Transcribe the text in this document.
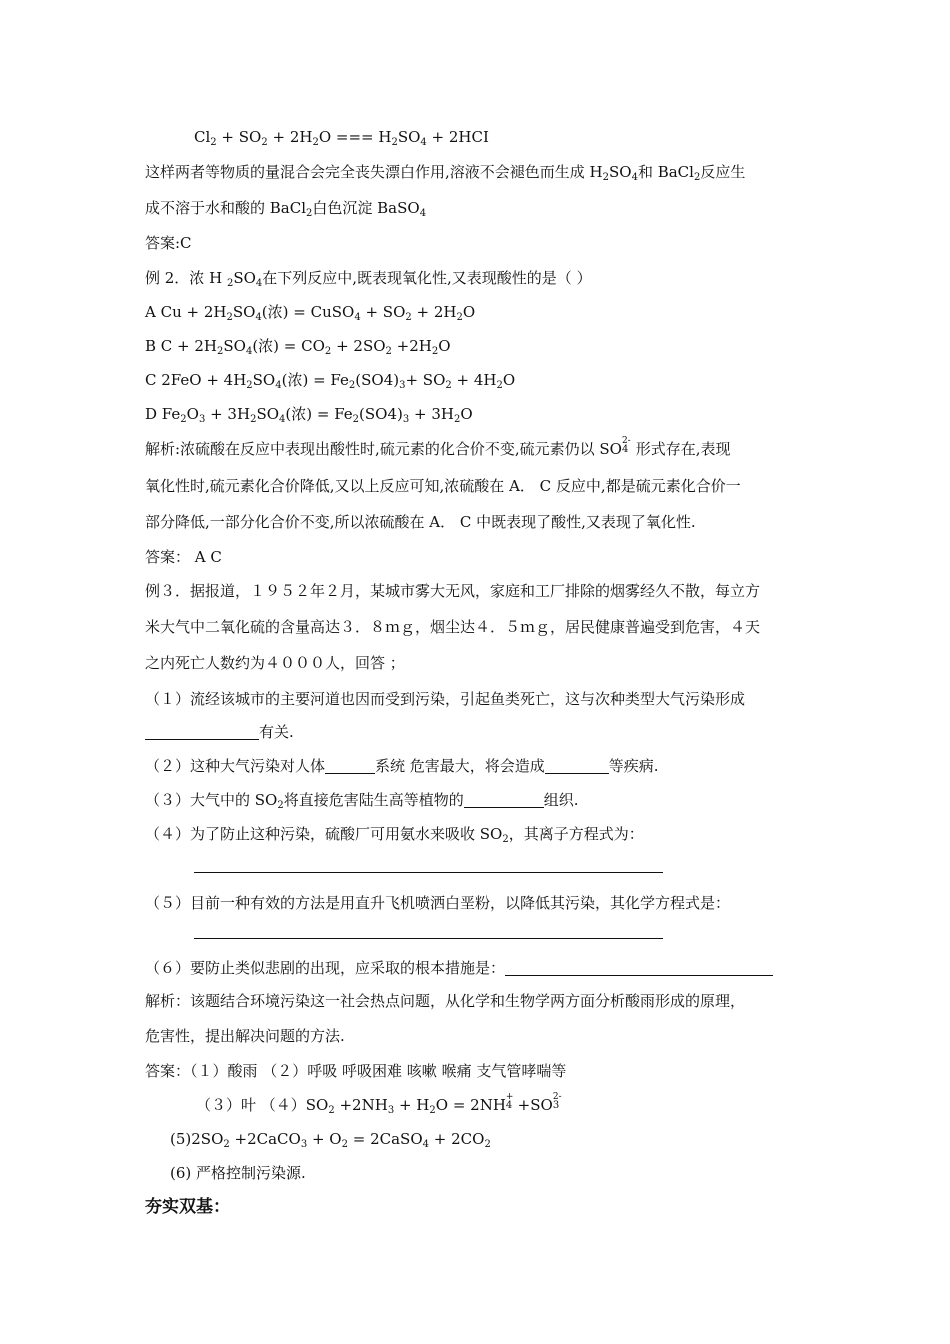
$Cl_2 + SO_2 + 2H_2O$ === $H_2SO_4 + 2HCI$
这样两者等物质的量混合会完全丧失漂白作用,溶液不会褪色而生成 $H_2SO_4$和 BaCl$_2$反应生
成不溶于水和酸的 BaCl$_2$白色沉淀 BaSO$_4$
答案:C
例 2．浓 H $_2SO_4$在下列反应中,既表现氧化性,又表现酸性的是（ ）
A $Cu + 2H_2SO_4$(浓) = CuSO$_4$ + $SO_2 + 2H_2O$
B $C + 2H_2SO_4$(浓) = $CO_2 + 2SO_2 +2H_2O$
C $2FeO + 4H_2SO_4$(浓) = $Fe_2(SO4)_3+ SO_2 + 4H_2O$
D $Fe_2O_3 + 3H_2SO_4$(浓) = $Fe_2(SO4)_3 + 3H_2O$
解析:浓硫酸在反应中表现出酸性时,硫元素的化合价不变,硫元素仍以 SO 4
2- 形式存在,表现
氧化性时,硫元素化合价降低,又以上反应可知,浓硫酸在 A． C 反应中,都是硫元素化合价一
部分降低,一部分化合价不变,所以浓硫酸在 A． C 中既表现了酸性,又表现了氧化性.
答案： A C
例３．据报道，１９５２年２月，某城市雾大无风，家庭和工厂排除的烟雾经久不散，每立方
米大气中二氧化硫的含量高达３．８ｍｇ，烟尘达４．５ｍｇ，居民健康普遍受到危害，４天
之内死亡人数约为４０００人，回答 ；
（１）流经该城市的主要河道也因而受到污染，引起鱼类死亡，这与次种类型大气污染形成
有关.
（２）这种大气污染对人体	系统 危害最大，将会造成	等疾病.
（３）大气中的 $SO_2$将直接危害陆生高等植物的	组织.
（４）为了防止这种污染，硫酸厂可用氨水来吸收 $SO_2$，其离子方程式为：
（５）目前一种有效的方法是用直升飞机喷洒白垩粉，以降低其污染，其化学方程式是：
（６）要防止类似悲剧的出现，应采取的根本措施是：
解析：该题结合环境污染这一社会热点问题，从化学和生物学两方面分析酸雨形成的原理，
危害性，提出解决问题的方法.
答案：（１）酸雨 （２）呼吸 呼吸困难 咳嗽 喉痛 支气管哮喘等
（３）叶 $(4)SO_2 +2NH_3 + H_2O = 2NH$ 4
+ +SO 3
2-
$(5)2SO_2$ +2CaCO$_3$ + $O_2$ = 2CaSO$_4$ + $2CO_2$
(6) 严格控制污染源.
夯实双基：
